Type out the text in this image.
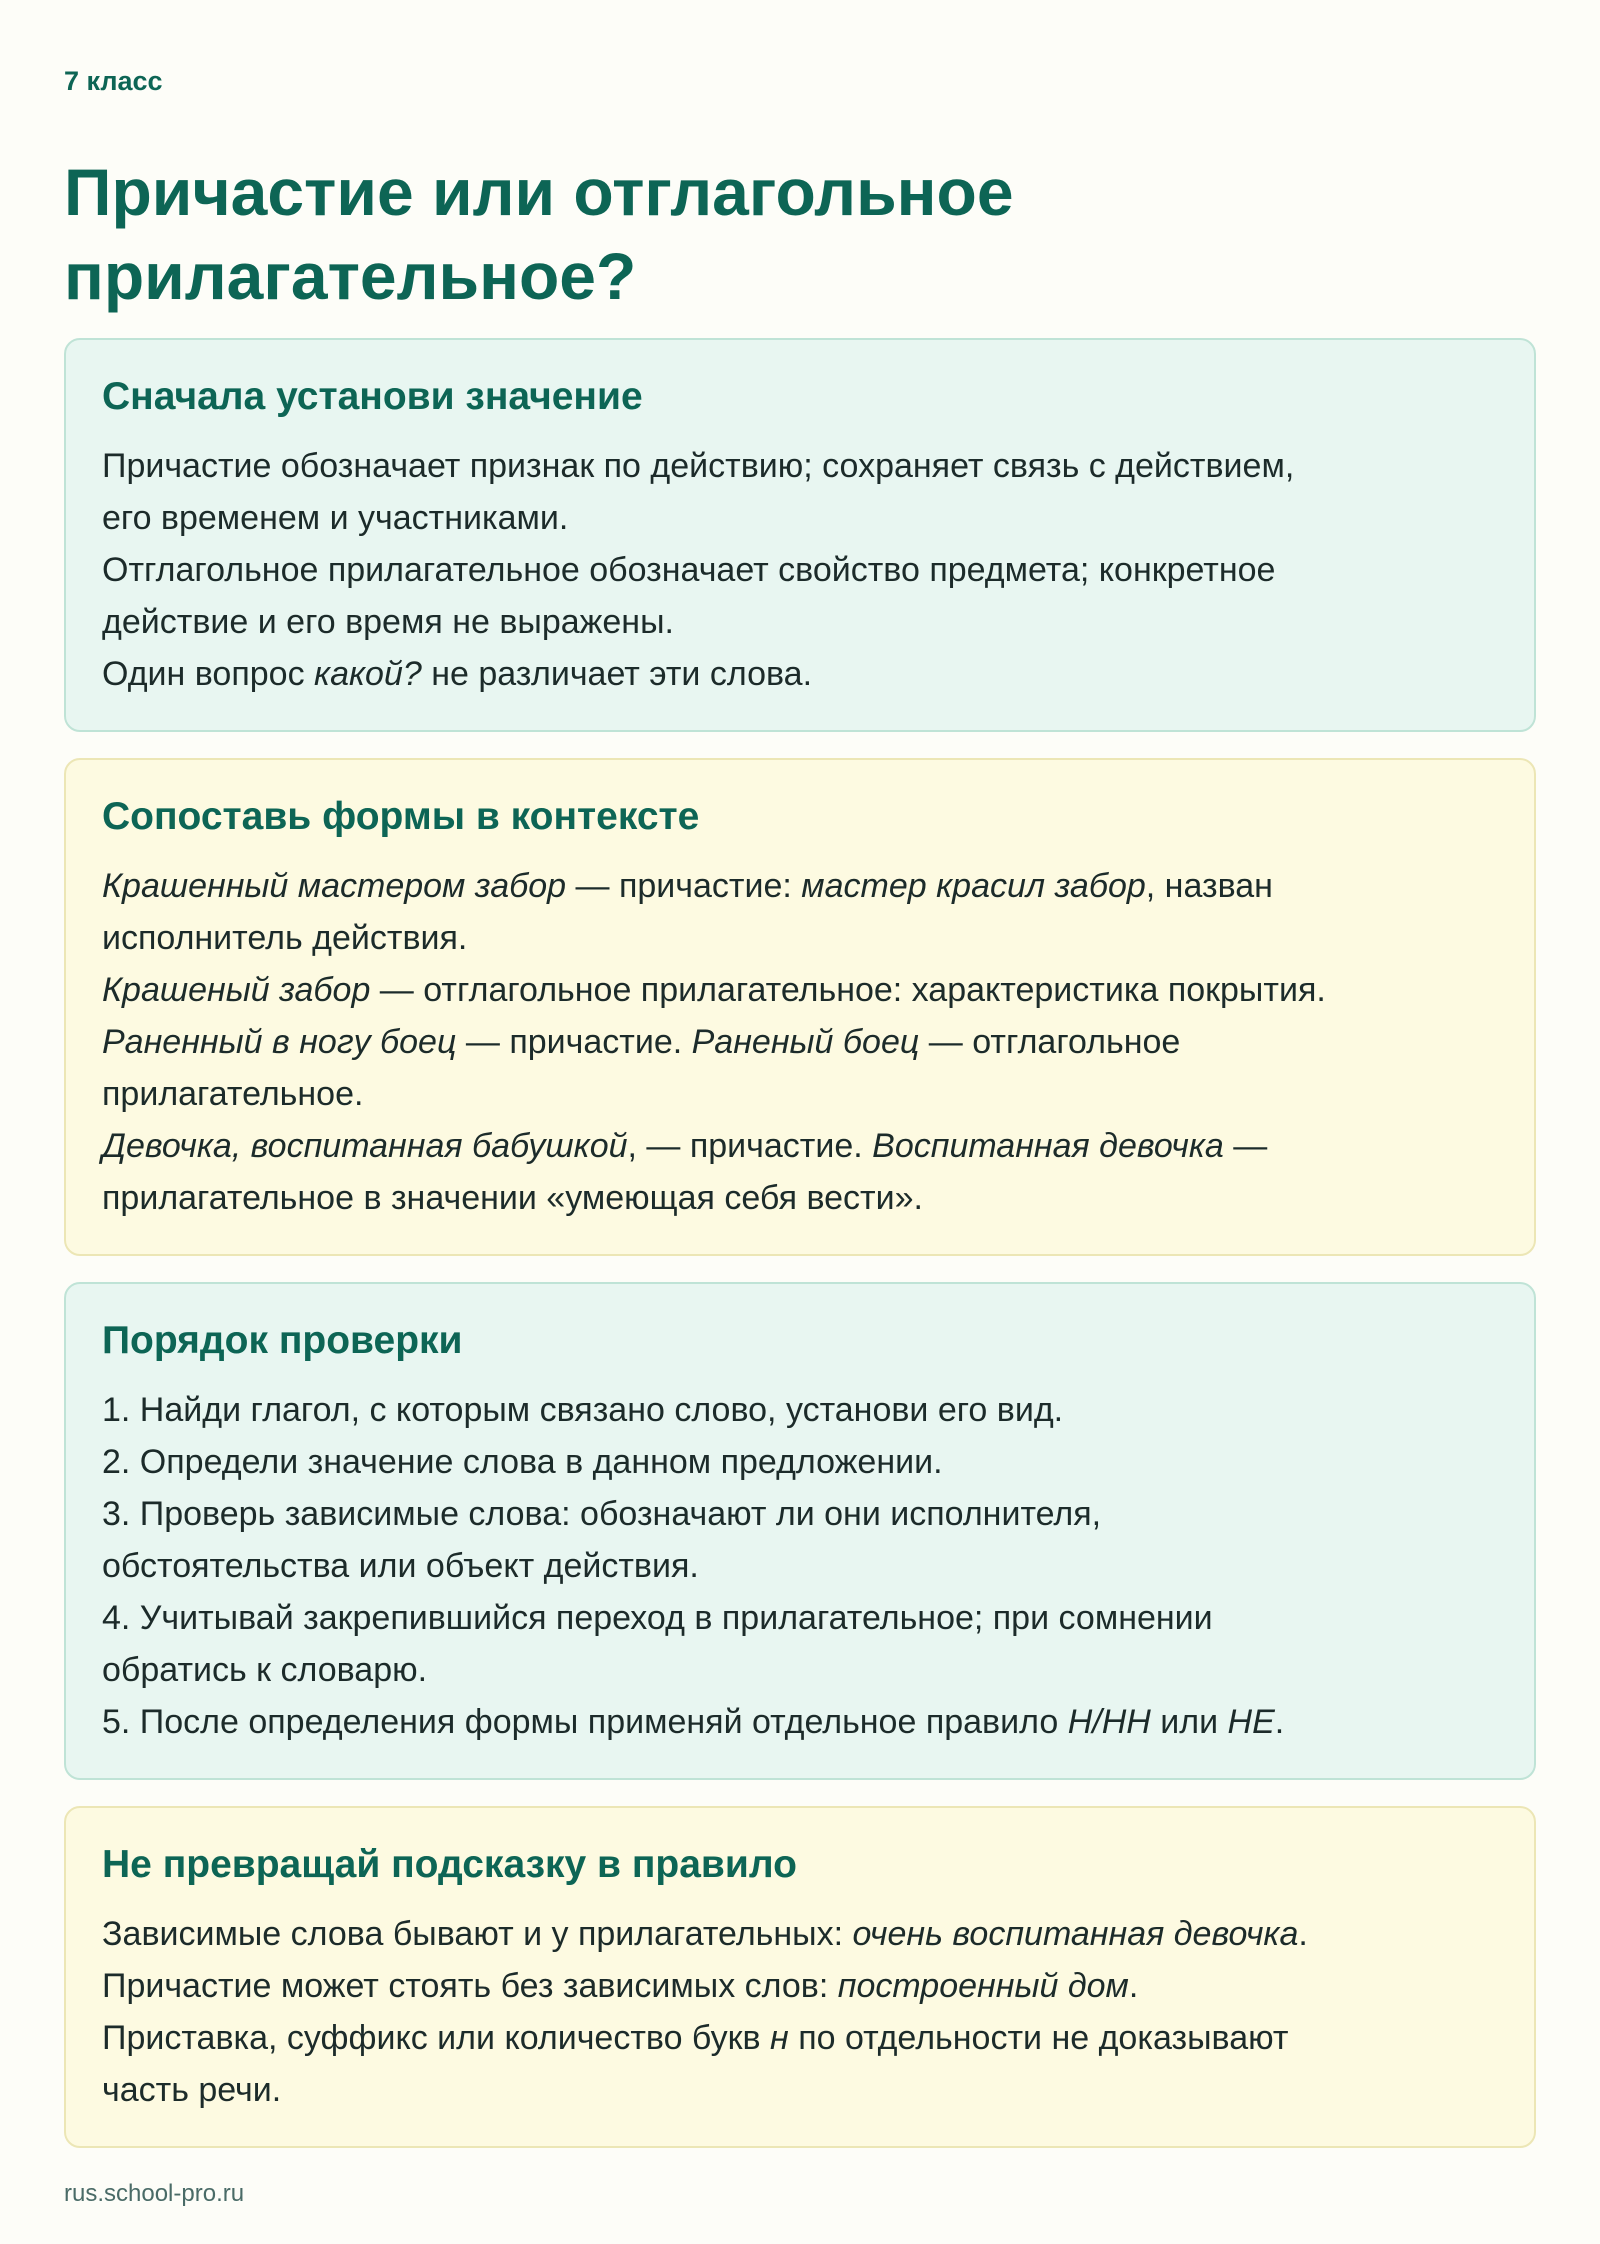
7 класс
Причастие или отглагольное
прилагательное?
Сначала установи значение
Причастие обозначает признак по действию; сохраняет связь с действием,
его временем и участниками.
Отглагольное прилагательное обозначает свойство предмета; конкретное
действие и его время не выражены.
Один вопрос какой? не различает эти слова.
Сопоставь формы в контексте
Крашенный мастером забор — причастие: мастер красил забор, назван
исполнитель действия.
Крашеный забор — отглагольное прилагательное: характеристика покрытия.
Раненный в ногу боец — причастие. Раненый боец — отглагольное
прилагательное.
Девочка, воспитанная бабушкой, — причастие. Воспитанная девочка —
прилагательное в значении «умеющая себя вести».
Порядок проверки
1. Найди глагол, с которым связано слово, установи его вид.
2. Определи значение слова в данном предложении.
3. Проверь зависимые слова: обозначают ли они исполнителя,
обстоятельства или объект действия.
4. Учитывай закрепившийся переход в прилагательное; при сомнении
обратись к словарю.
5. После определения формы применяй отдельное правило Н/НН или НЕ.
Не превращай подсказку в правило
Зависимые слова бывают и у прилагательных: очень воспитанная девочка.
Причастие может стоять без зависимых слов: построенный дом.
Приставка, суффикс или количество букв н по отдельности не доказывают
часть речи.
rus.school-pro.ru
